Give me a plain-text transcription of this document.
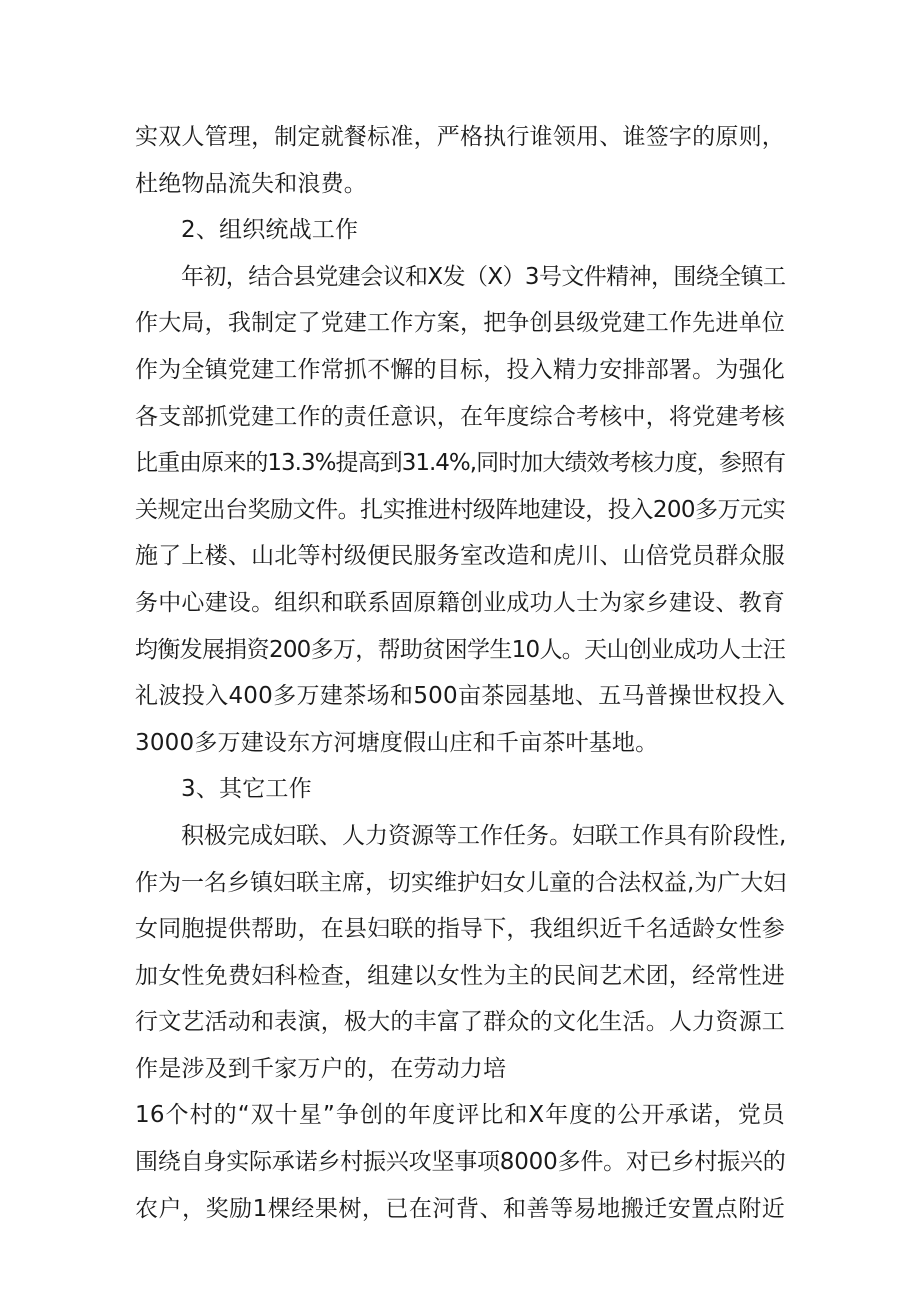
实双人管理，制定就餐标准，严格执行谁领用、谁签字的原则，
杜绝物品流失和浪费。
2、组织统战工作
年初，结合县党建会议和X发（X）3号文件精神，围绕全镇工
作大局，我制定了党建工作方案，把争创县级党建工作先进单位
作为全镇党建工作常抓不懈的目标，投入精力安排部署。为强化
各支部抓党建工作的责任意识，在年度综合考核中，将党建考核
比重由原来的13.3%提高到31.4%,同时加大绩效考核力度，参照有
关规定出台奖励文件。扎实推进村级阵地建设，投入200多万元实
施了上楼、山北等村级便民服务室改造和虎川、山倍党员群众服
务中心建设。组织和联系固原籍创业成功人士为家乡建设、教育
均衡发展捐资200多万，帮助贫困学生10人。天山创业成功人士汪
礼波投入400多万建茶场和500亩茶园基地、五马普操世权投入
3000多万建设东方河塘度假山庄和千亩茶叶基地。
3、其它工作
积极完成妇联、人力资源等工作任务。妇联工作具有阶段性,
作为一名乡镇妇联主席，切实维护妇女儿童的合法权益,为广大妇
女同胞提供帮助，在县妇联的指导下，我组织近千名适龄女性参
加女性免费妇科检查，组建以女性为主的民间艺术团，经常性进
行文艺活动和表演，极大的丰富了群众的文化生活。人力资源工
作是涉及到千家万户的，在劳动力培
16个村的“双十星”争创的年度评比和X年度的公开承诺，党员
围绕自身实际承诺乡村振兴攻坚事项8000多件。对已乡村振兴的
农户，奖励1棵经果树，已在河背、和善等易地搬迁安置点附近
